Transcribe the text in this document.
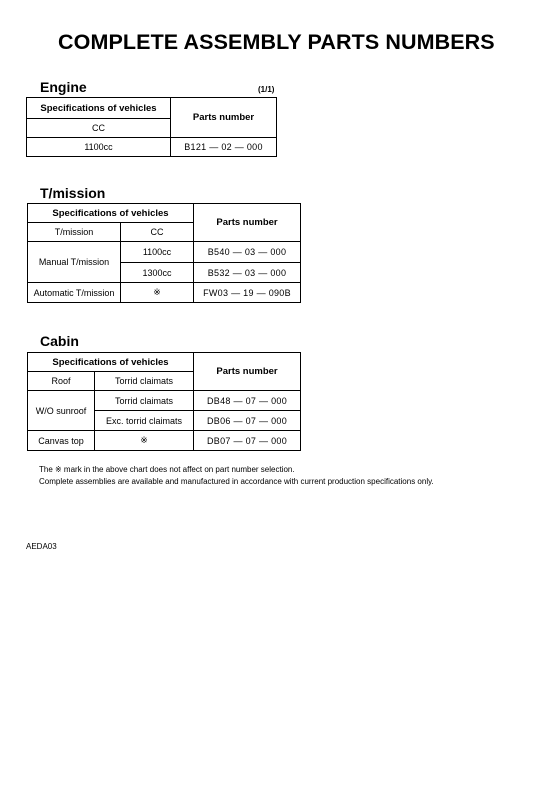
COMPLETE ASSEMBLY PARTS NUMBERS
Engine	(1/1)
Specifications of vehicles	Parts number
CC	
1100cc	B121 — 02 — 000
T/mission
Specifications of vehicles		Parts number
T/mission	CC	
Manual T/mission	1100cc	B540 — 03 — 000
	1300cc	B532 — 03 — 000
Automatic T/mission	※	FW03 — 19 — 090B
Cabin
Specifications of vehicles		Parts number
Roof	Torrid claimats	
W/O sunroof	Torrid claimats	DB48 — 07 — 000
	Exc. torrid claimats	DB06 — 07 — 000
Canvas top	※	DB07 — 07 — 000
The ※ mark in the above chart does not affect on part number selection.
Complete assemblies are available and manufactured in accordance with current production specifications only.
AEDA03
